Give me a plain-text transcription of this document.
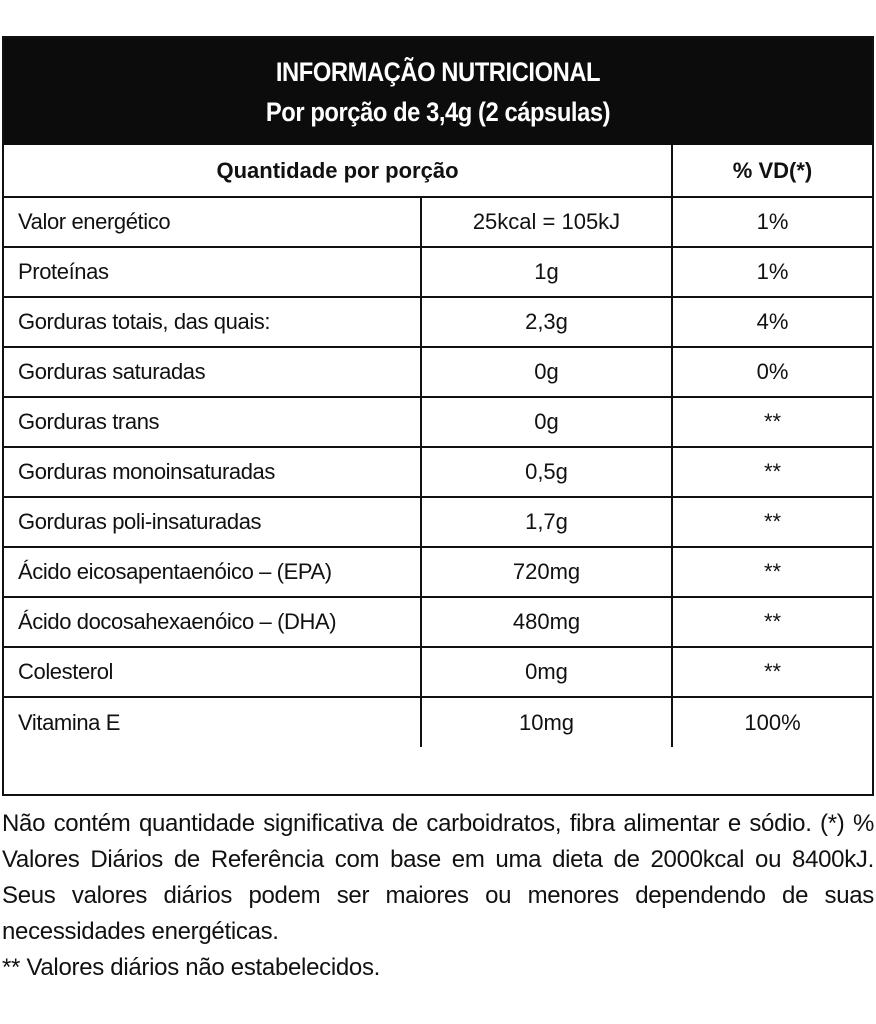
INFORMAÇÃO NUTRICIONAL
Por porção de 3,4g (2 cápsulas)
Quantidade por porção		% VD(*)
Valor energético	25kcal = 105kJ	1%
Proteínas	1g	1%
Gorduras totais, das quais:	2,3g	4%
Gorduras saturadas	0g	0%
Gorduras trans	0g	**
Gorduras monoinsaturadas	0,5g	**
Gorduras poli-insaturadas	1,7g	**
Ácido eicosapentaenóico – (EPA)	720mg	**
Ácido docosahexaenóico – (DHA)	480mg	**
Colesterol	0mg	**
Vitamina E	10mg	100%

Não contém quantidade significativa de carboidratos, fibra alimentar e sódio. (*) % Valores Diários de Referência com base em uma dieta de 2000kcal ou 8400kJ. Seus valores diários podem ser maiores ou menores dependendo de suas necessidades energéticas.

** Valores diários não estabelecidos.
